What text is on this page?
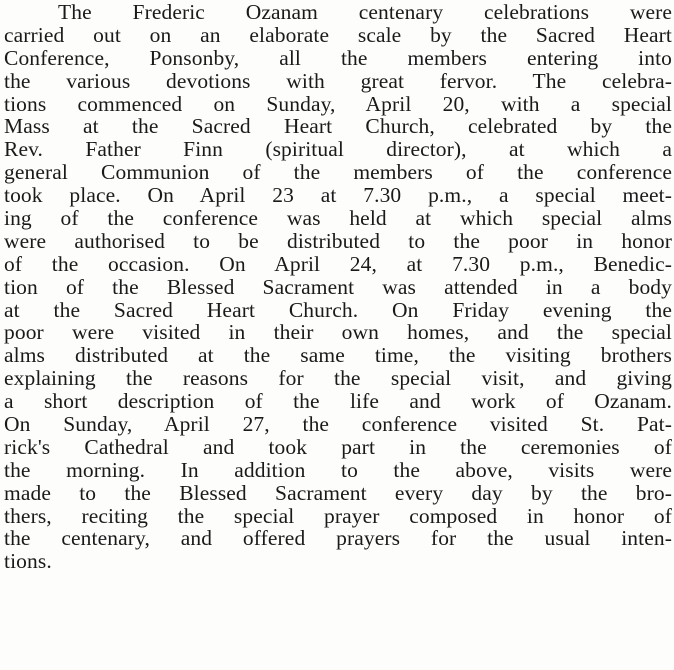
The Frederic Ozanam centenary celebrations were
carried out on an elaborate scale by the Sacred Heart
Conference, Ponsonby, all the members entering into
the various devotions with great fervor. The celebra-
tions commenced on Sunday, April 20, with a special
Mass at the Sacred Heart Church, celebrated by the
Rev. Father Finn (spiritual director), at which a
general Communion of the members of the conference
took place. On April 23 at 7.30 p.m., a special meet-
ing of the conference was held at which special alms
were authorised to be distributed to the poor in honor
of the occasion. On April 24, at 7.30 p.m., Benedic-
tion of the Blessed Sacrament was attended in a body
at the Sacred Heart Church. On Friday evening the
poor were visited in their own homes, and the special
alms distributed at the same time, the visiting brothers
explaining the reasons for the special visit, and giving
a short description of the life and work of Ozanam.
On Sunday, April 27, the conference visited St. Pat-
rick's Cathedral and took part in the ceremonies of
the morning. In addition to the above, visits were
made to the Blessed Sacrament every day by the bro-
thers, reciting the special prayer composed in honor of
the centenary, and offered prayers for the usual inten-
tions.
